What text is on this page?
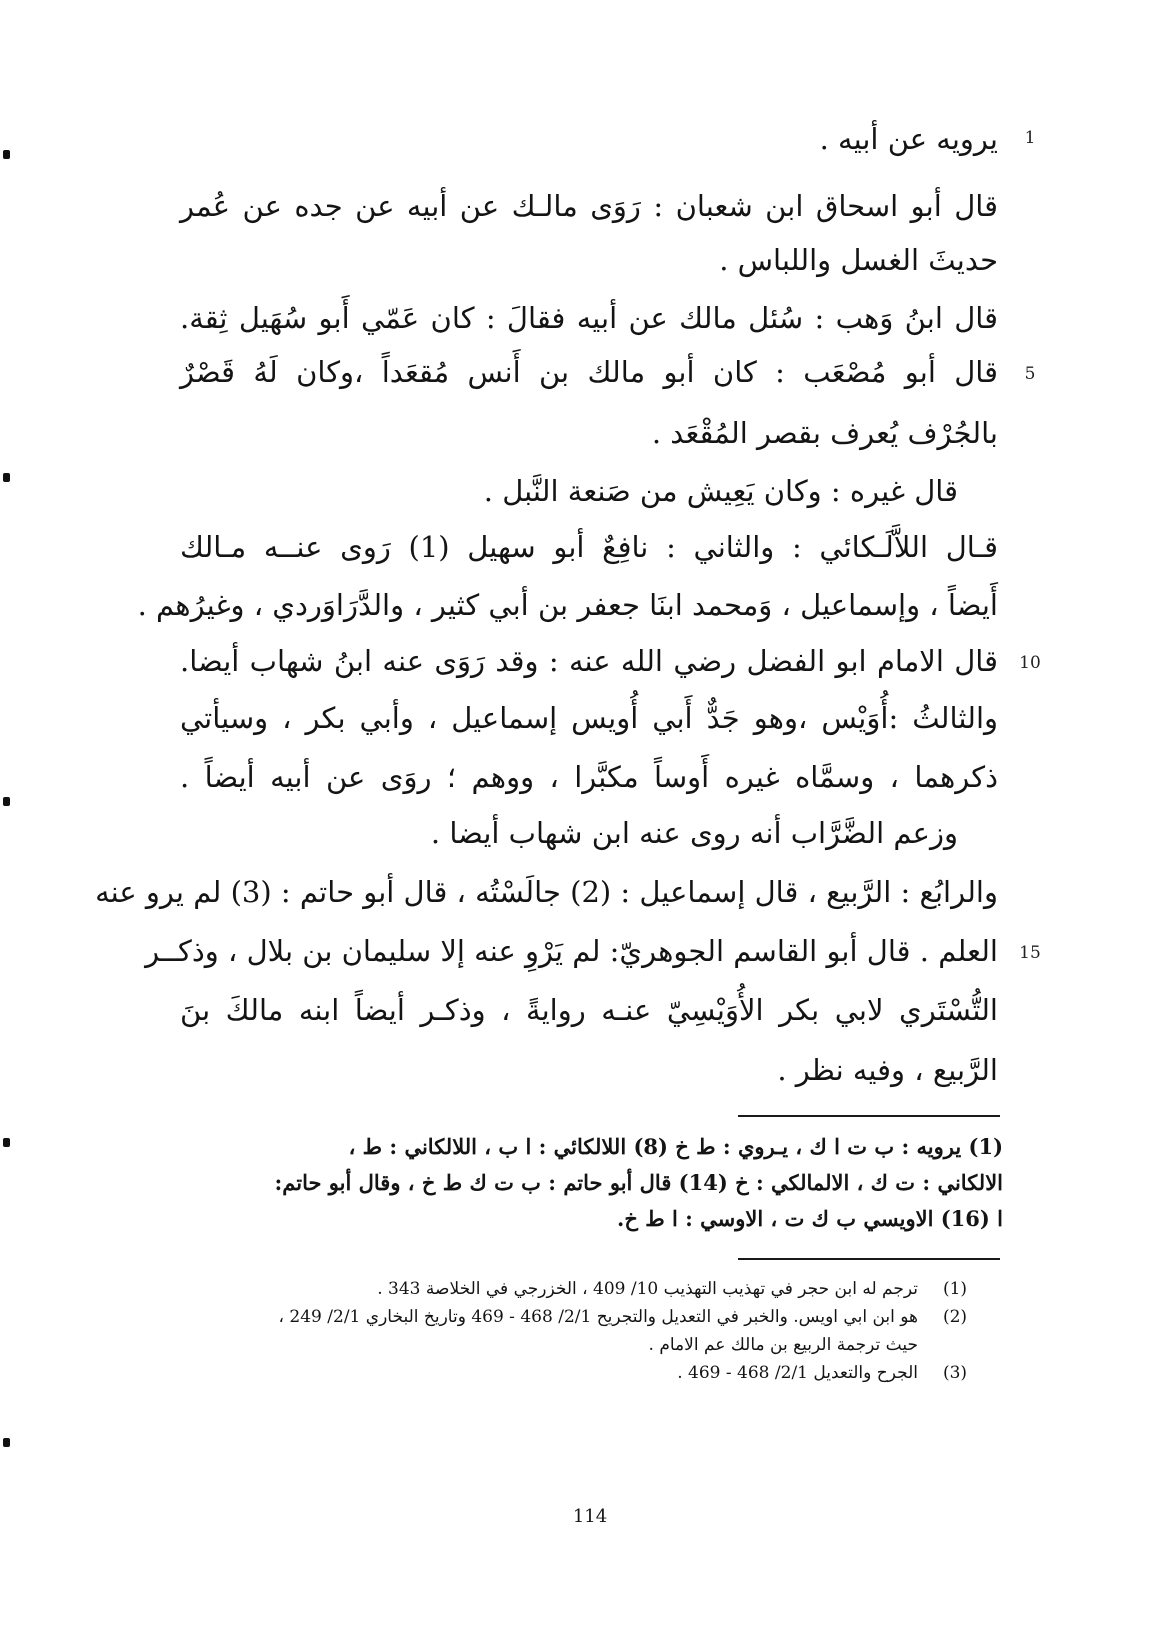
يرويه عن أبيه .	1
قال أبو اسحاق ابن شعبان : رَوَى مالـك عن أبيه عن جده عن عُمر
حديثَ الغسل واللباس .
قال ابنُ وَهب : سُئل مالك عن أبيه فقالَ : كان عَمّي أَبو سُهَيل ثِقة.
قال أبو مُصْعَب : كان أبو مالك بن أَنس مُقعَداً ،وكان لَهُ قَصْرٌ	5
بالجُرْف يُعرف بقصر المُقْعَد .
قال غيره : وكان يَعِيش من صَنعة النَّبل .
قـال اللاَّلَـكائي : والثاني : نافِعٌ أبو سهيل (1) رَوى عنــه مـالك
أَيضاً ، وإسماعيل ، وَمحمد ابنَا جعفر بن أبي كثير ، والدَّرَاوَردي ، وغيرُهم .
قال الامام ابو الفضل رضي الله عنه : وقد رَوَى عنه ابنُ شهاب أيضا.	10
والثالثُ :أُوَيْس ،وهو جَدٌّ أَبي أُويس إسماعيل ، وأبي بكر ، وسيأتي
ذكرهما ، وسمَّاه غيره أَوساً مكبَّرا ، ووهم ؛ روَى عن أبيه أيضاً .
وزعم الضَّرَّاب أنه روى عنه ابن شهاب أيضا .
والرابُع : الرَّبيع ، قال إسماعيل : (2) جالَسْتُه ، قال أبو حاتم : (3) لم يرو عنه
العلم . قال أبو القاسم الجوهريّ: لم يَرْوِ عنه إلا سليمان بن بلال ، وذكــر	15
التُّسْتَري لابي بكر الأُوَيْسِيّ عنـه روايةً ، وذكـر أيضاً ابنه مالكَ بنَ
الرَّبيع ، وفيه نظر .
(1) يرويه : ب ت ا ك ، يـروي : ط خ (8) اللالكائي : ا ب ، اللالكاني : ط ،
الالكاني : ت ك ، الالمالكي : خ (14) قال أبو حاتم : ب ت ك ط خ ، وقال أبو حاتم:
ا (16) الاويسي ب ك ت ، الاوسي : ا ط خ.
(1)
ترجم له ابن حجر في تهذيب التهذيب 10/ 409 ، الخزرجي في الخلاصة 343 .
(2)
هو ابن ابي اويس. والخبر في التعديل والتجريح 2/1/ 468 - 469 وتاريخ البخاري 2/1/ 249 ،
حيث ترجمة الربيع بن مالك عم الامام .
(3)
الجرح والتعديل 2/1/ 468 - 469 .
114
